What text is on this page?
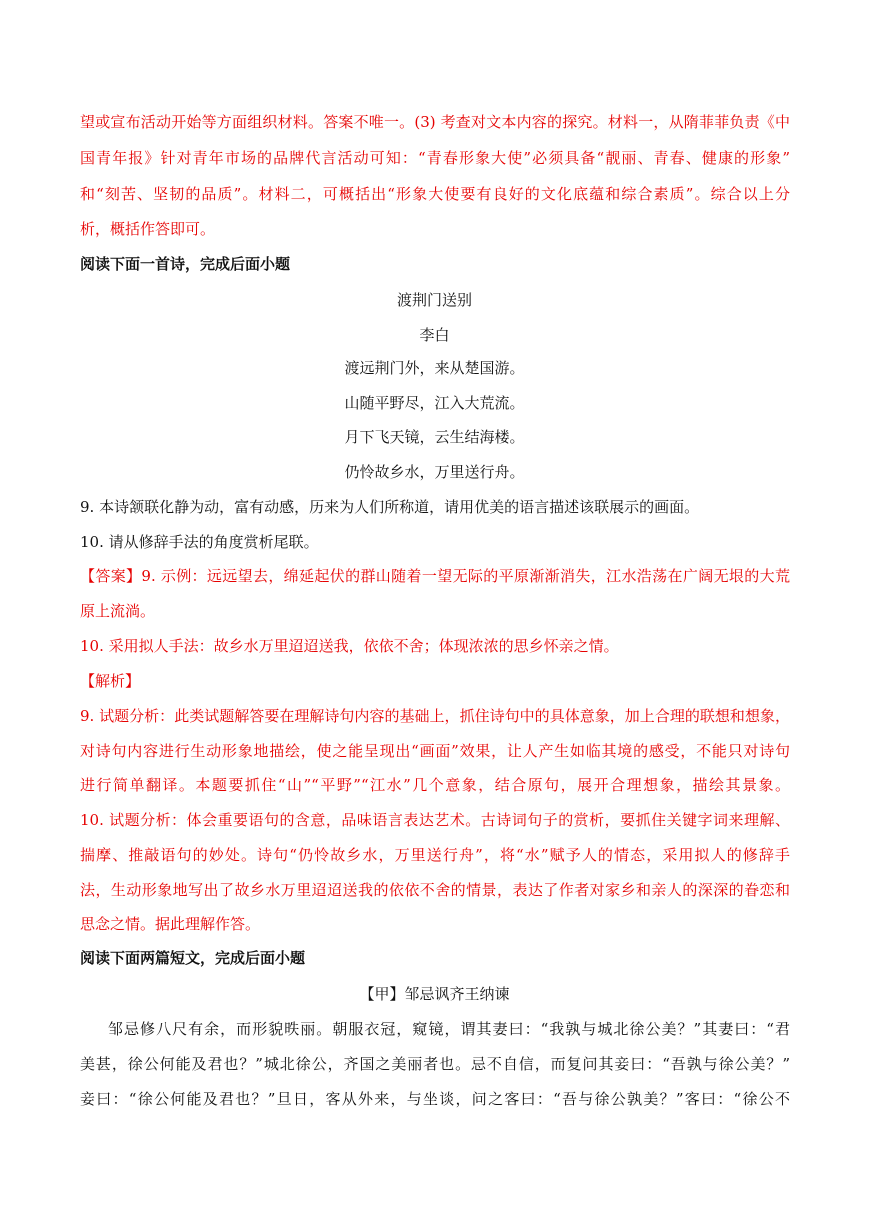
望或宣布活动开始等方面组织材料。答案不唯一。(3) 考查对文本内容的探究。材料一，从隋菲菲负责《中
国青年报》针对青年市场的品牌代言活动可知：“青春形象大使”必须具备“靓丽、青春、健康的形象”
和“刻苦、坚韧的品质”。材料二，可概括出“形象大使要有良好的文化底蕴和综合素质”。综合以上分
析，概括作答即可。
阅读下面一首诗，完成后面小题
渡荆门送别
李白
渡远荆门外，来从楚国游。
山随平野尽，江入大荒流。
月下飞天镜，云生结海楼。
仍怜故乡水，万里送行舟。
9. 本诗颔联化静为动，富有动感，历来为人们所称道，请用优美的语言描述该联展示的画面。
10. 请从修辞手法的角度赏析尾联。
【答案】9. 示例：远远望去，绵延起伏的群山随着一望无际的平原渐渐消失，江水浩荡在广阔无垠的大荒
原上流淌。
10. 采用拟人手法：故乡水万里迢迢送我，依依不舍；体现浓浓的思乡怀亲之情。
【解析】
9. 试题分析：此类试题解答要在理解诗句内容的基础上，抓住诗句中的具体意象，加上合理的联想和想象，
对诗句内容进行生动形象地描绘，使之能呈现出“画面”效果，让人产生如临其境的感受，不能只对诗句
进行简单翻译。本题要抓住“山”“平野”“江水”几个意象，结合原句，展开合理想象，描绘其景象。
10. 试题分析：体会重要语句的含意，品味语言表达艺术。古诗词句子的赏析，要抓住关键字词来理解、
揣摩、推敲语句的妙处。诗句“仍怜故乡水，万里送行舟”，将“水”赋予人的情态，采用拟人的修辞手
法，生动形象地写出了故乡水万里迢迢送我的依依不舍的情景，表达了作者对家乡和亲人的深深的眷恋和
思念之情。据此理解作答。
阅读下面两篇短文，完成后面小题
【甲】邹忌讽齐王纳谏
邹忌修八尺有余，而形貌昳丽。朝服衣冠，窥镜，谓其妻曰：“我孰与城北徐公美？”其妻曰：“君
美甚，徐公何能及君也？”城北徐公，齐国之美丽者也。忌不自信，而复问其妾曰：“吾孰与徐公美？”
妾曰：“徐公何能及君也？”旦日，客从外来，与坐谈，问之客曰：“吾与徐公孰美？”客曰：“徐公不
